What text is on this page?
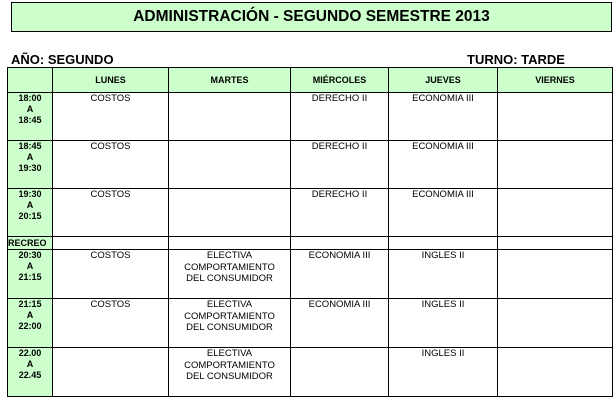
ADMINISTRACIÓN - SEGUNDO SEMESTRE 2013
AÑO: SEGUNDO	TURNO: TARDE
	LUNES	MARTES	MIÉRCOLES	JUEVES	VIERNES

18:00
A
18:45	COSTOS		DERECHO II	ECONOMIA III	

18:45
A
19:30	COSTOS		DERECHO II	ECONOMIA III	

19:30
A
20:15	COSTOS		DERECHO II	ECONOMIA III	

RECREO					

20:30
A
21:15	COSTOS	ELECTIVA
COMPORTAMIENTO
DEL CONSUMIDOR	ECONOMIA III	INGLES II	

21:15
A
22:00	COSTOS	ELECTIVA
COMPORTAMIENTO
DEL CONSUMIDOR	ECONOMIA III	INGLES II	

22.00
A
22.45		ELECTIVA
COMPORTAMIENTO
DEL CONSUMIDOR		INGLES II	
